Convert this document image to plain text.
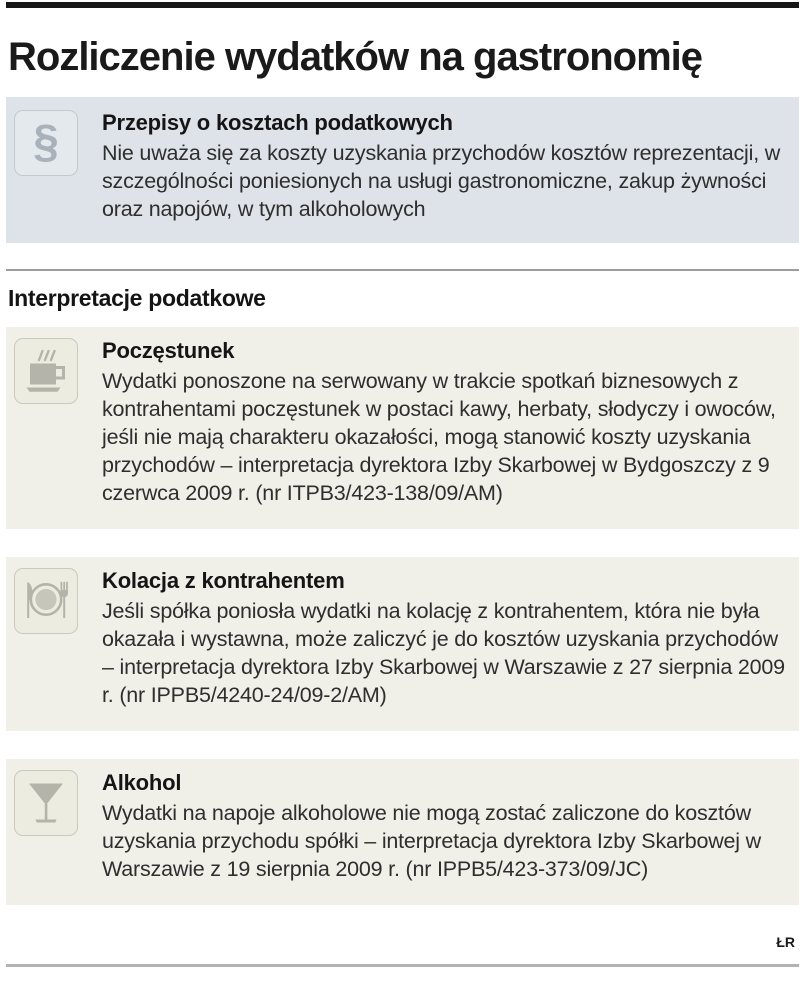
Rozliczenie wydatków na gastronomię
§ Przepisy o kosztach podatkowych

Nie uważa się za koszty uzyskania przychodów kosztów reprezentacji, w szczególności poniesionych na usługi gastronomiczne, zakup żywności oraz napojów, w tym alkoholowych

Interpretacje podatkowe
Poczęstunek

Wydatki ponoszone na serwowany w trakcie spotkań biznesowych z kontrahentami poczęstunek w postaci kawy, herbaty, słodyczy i owoców, jeśli nie mają charakteru okazałości, mogą stanowić koszty uzyskania przychodów – interpretacja dyrektora Izby Skarbowej w Bydgoszczy z 9 czerwca 2009 r. (nr ITPB3/423-138/09/AM)

Kolacja z kontrahentem

Jeśli spółka poniosła wydatki na kolację z kontrahentem, która nie była okazała i wystawna, może zaliczyć je do kosztów uzyskania przychodów – interpretacja dyrektora Izby Skarbowej w Warszawie z 27 sierpnia 2009 r. (nr IPPB5/4240-24/09-2/AM)

Alkohol

Wydatki na napoje alkoholowe nie mogą zostać zaliczone do kosztów uzyskania przychodu spółki – interpretacja dyrektora Izby Skarbowej w Warszawie z 19 sierpnia 2009 r. (nr IPPB5/423-373/09/JC)

ŁR
